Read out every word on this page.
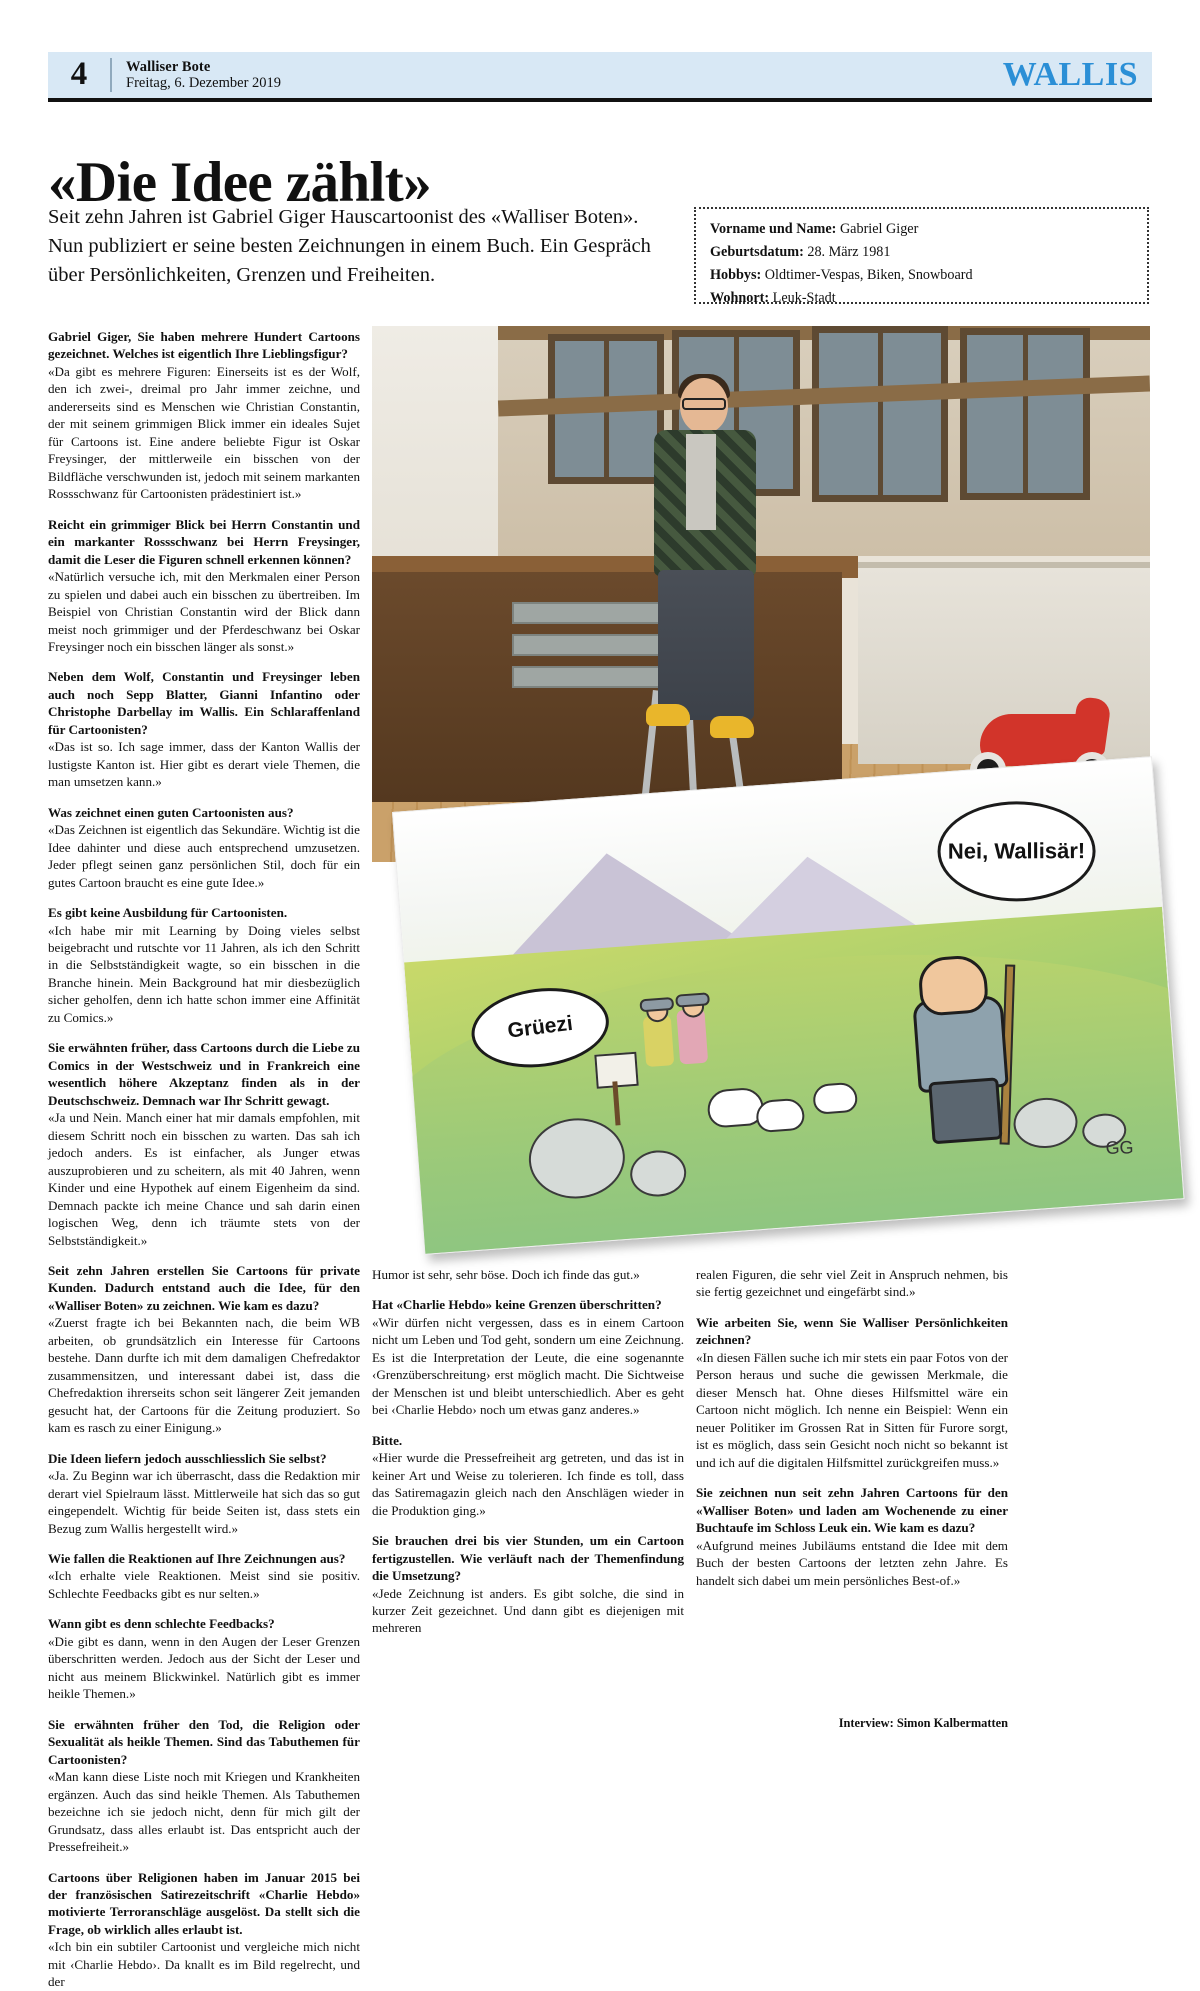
4	Walliser Bote
Freitag, 6. Dezember 2019	WALLIS
«Die Idee zählt»
Seit zehn Jahren ist Gabriel Giger Hauscartoonist des «Walliser Boten». Nun publiziert er seine besten Zeichnungen in einem Buch. Ein Gespräch über Persönlichkeiten, Grenzen und Freiheiten.
Vorname und Name: Gabriel Giger
Geburtsdatum: 28. März 1981
Hobbys: Oldtimer-Vespas, Biken, Snowboard
Wohnort: Leuk-Stadt
Grüezi
Nei, Wallisär!
GG

Gabriel Giger, Sie haben mehrere Hundert Cartoons gezeichnet. Welches ist eigentlich Ihre Lieblingsfigur?

«Da gibt es mehrere Figuren: Einerseits ist es der Wolf, den ich zwei-, dreimal pro Jahr immer zeichne, und andererseits sind es Menschen wie Christian Constantin, der mit seinem grimmigen Blick immer ein ideales Sujet für Cartoons ist. Eine andere beliebte Figur ist Oskar Freysinger, der mittlerweile ein bisschen von der Bildfläche verschwunden ist, jedoch mit seinem markanten Rossschwanz für Cartoonisten prädestiniert ist.»

Reicht ein grimmiger Blick bei Herrn Constantin und ein markanter Rossschwanz bei Herrn Freysinger, damit die Leser die Figuren schnell erkennen können?

«Natürlich versuche ich, mit den Merkmalen einer Person zu spielen und dabei auch ein bisschen zu übertreiben. Im Beispiel von Christian Constantin wird der Blick dann meist noch grimmiger und der Pferdeschwanz bei Oskar Freysinger noch ein bisschen länger als sonst.»

Neben dem Wolf, Constantin und Freysinger leben auch noch Sepp Blatter, Gianni Infantino oder Christophe Darbellay im Wallis. Ein Schlaraffenland für Cartoonisten?

«Das ist so. Ich sage immer, dass der Kanton Wallis der lustigste Kanton ist. Hier gibt es derart viele Themen, die man umsetzen kann.»

Was zeichnet einen guten Cartoonisten aus?

«Das Zeichnen ist eigentlich das Sekundäre. Wichtig ist die Idee dahinter und diese auch entsprechend umzusetzen. Jeder pflegt seinen ganz persönlichen Stil, doch für ein gutes Cartoon braucht es eine gute Idee.»

Es gibt keine Ausbildung für Cartoonisten.

«Ich habe mir mit Learning by Doing vieles selbst beigebracht und rutschte vor 11 Jahren, als ich den Schritt in die Selbstständigkeit wagte, so ein bisschen in die Branche hinein. Mein Background hat mir diesbezüglich sicher geholfen, denn ich hatte schon immer eine Affinität zu Comics.»

Sie erwähnten früher, dass Cartoons durch die Liebe zu Comics in der Westschweiz und in Frankreich eine wesentlich höhere Akzeptanz finden als in der Deutschschweiz. Demnach war Ihr Schritt gewagt.

«Ja und Nein. Manch einer hat mir damals empfohlen, mit diesem Schritt noch ein bisschen zu warten. Das sah ich jedoch anders. Es ist einfacher, als Junger etwas auszuprobieren und zu scheitern, als mit 40 Jahren, wenn Kinder und eine Hypothek auf einem Eigenheim da sind. Demnach packte ich meine Chance und sah darin einen logischen Weg, denn ich träumte stets von der Selbstständigkeit.»

Seit zehn Jahren erstellen Sie Cartoons für private Kunden. Dadurch entstand auch die Idee, für den «Walliser Boten» zu zeichnen. Wie kam es dazu?

«Zuerst fragte ich bei Bekannten nach, die beim WB arbeiten, ob grundsätzlich ein Interesse für Cartoons bestehe. Dann durfte ich mit dem damaligen Chefredaktor zusammensitzen, und interessant dabei ist, dass die Chefredaktion ihrerseits schon seit längerer Zeit jemanden gesucht hat, der Cartoons für die Zeitung produziert. So kam es rasch zu einer Einigung.»

Die Ideen liefern jedoch ausschliesslich Sie selbst?

«Ja. Zu Beginn war ich überrascht, dass die Redaktion mir derart viel Spielraum lässt. Mittlerweile hat sich das so gut eingependelt. Wichtig für beide Seiten ist, dass stets ein Bezug zum Wallis hergestellt wird.»

Wie fallen die Reaktionen auf Ihre Zeichnungen aus?

«Ich erhalte viele Reaktionen. Meist sind sie positiv. Schlechte Feedbacks gibt es nur selten.»

Wann gibt es denn schlechte Feedbacks?

«Die gibt es dann, wenn in den Augen der Leser Grenzen überschritten werden. Jedoch aus der Sicht der Leser und nicht aus meinem Blickwinkel. Natürlich gibt es immer heikle Themen.»

Sie erwähnten früher den Tod, die Religion oder Sexualität als heikle Themen. Sind das Tabuthemen für Cartoonisten?

«Man kann diese Liste noch mit Kriegen und Krankheiten ergänzen. Auch das sind heikle Themen. Als Tabuthemen bezeichne ich sie jedoch nicht, denn für mich gilt der Grundsatz, dass alles erlaubt ist. Das entspricht auch der Pressefreiheit.»

Cartoons über Religionen haben im Januar 2015 bei der französischen Satirezeitschrift «Charlie Hebdo» motivierte Terroranschläge ausgelöst. Da stellt sich die Frage, ob wirklich alles erlaubt ist.

«Ich bin ein subtiler Cartoonist und vergleiche mich nicht mit ‹Charlie Hebdo›. Da knallt es im Bild regelrecht, und der

Humor ist sehr, sehr böse. Doch ich finde das gut.»

Hat «Charlie Hebdo» keine Grenzen überschritten?

«Wir dürfen nicht vergessen, dass es in einem Cartoon nicht um Leben und Tod geht, sondern um eine Zeichnung. Es ist die Interpretation der Leute, die eine sogenannte ‹Grenzüberschreitung› erst möglich macht. Die Sichtweise der Menschen ist und bleibt unterschiedlich. Aber es geht bei ‹Charlie Hebdo› noch um etwas ganz anderes.»

Bitte.

«Hier wurde die Pressefreiheit arg getreten, und das ist in keiner Art und Weise zu tolerieren. Ich finde es toll, dass das Satiremagazin gleich nach den Anschlägen wieder in die Produktion ging.»

Sie brauchen drei bis vier Stunden, um ein Cartoon fertigzustellen. Wie verläuft nach der Themenfindung die Umsetzung?

«Jede Zeichnung ist anders. Es gibt solche, die sind in kurzer Zeit gezeichnet. Und dann gibt es diejenigen mit mehreren

realen Figuren, die sehr viel Zeit in Anspruch nehmen, bis sie fertig gezeichnet und eingefärbt sind.»

Wie arbeiten Sie, wenn Sie Walliser Persönlichkeiten zeichnen?

«In diesen Fällen suche ich mir stets ein paar Fotos von der Person heraus und suche die gewissen Merkmale, die dieser Mensch hat. Ohne dieses Hilfsmittel wäre ein Cartoon nicht möglich. Ich nenne ein Beispiel: Wenn ein neuer Politiker im Grossen Rat in Sitten für Furore sorgt, ist es möglich, dass sein Gesicht noch nicht so bekannt ist und ich auf die digitalen Hilfsmittel zurückgreifen muss.»

Sie zeichnen nun seit zehn Jahren Cartoons für den «Walliser Boten» und laden am Wochenende zu einer Buchtaufe im Schloss Leuk ein. Wie kam es dazu?

«Aufgrund meines Jubiläums entstand die Idee mit dem Buch der besten Cartoons der letzten zehn Jahre. Es handelt sich dabei um mein persönliches Best-of.»

Interview: Simon Kalbermatten
